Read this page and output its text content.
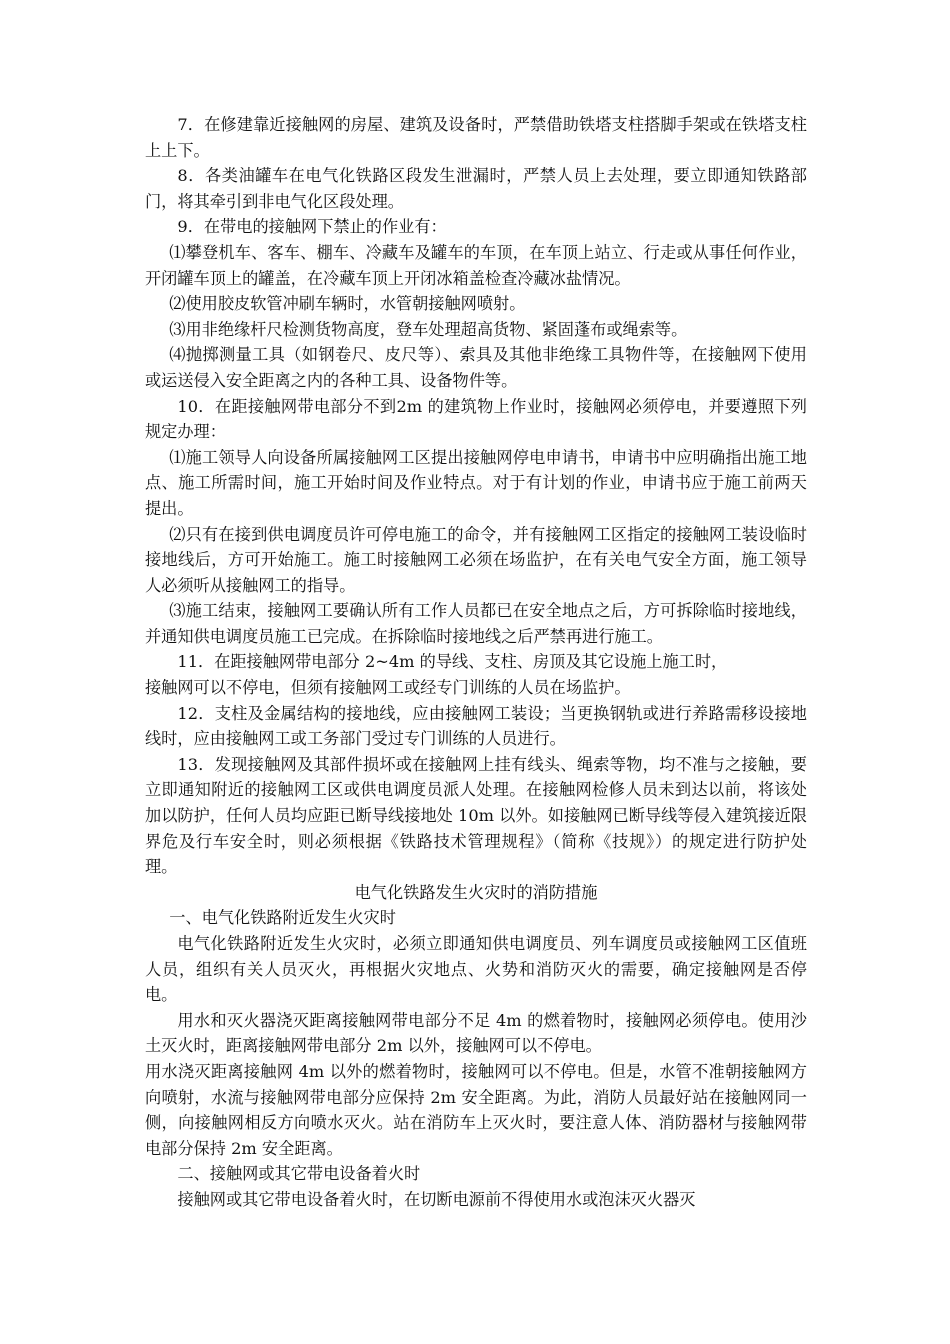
7．在修建靠近接触网的房屋、建筑及设备时，严禁借助铁塔支柱搭脚手架或在铁塔支柱上上下。

8．各类油罐车在电气化铁路区段发生泄漏时，严禁人员上去处理，要立即通知铁路部门，将其牵引到非电气化区段处理。

9．在带电的接触网下禁止的作业有：

⑴攀登机车、客车、棚车、冷藏车及罐车的车顶，在车顶上站立、行走或从事任何作业，开闭罐车顶上的罐盖，在冷藏车顶上开闭冰箱盖检查冷藏冰盐情况。

⑵使用胶皮软管冲刷车辆时，水管朝接触网喷射。

⑶用非绝缘杆尺检测货物高度，登车处理超高货物、紧固蓬布或绳索等。

⑷抛掷测量工具（如钢卷尺、皮尺等）、索具及其他非绝缘工具物件等，在接触网下使用或运送侵入安全距离之内的各种工具、设备物件等。

10．在距接触网带电部分不到2m 的建筑物上作业时，接触网必须停电，并要遵照下列规定办理：

⑴施工领导人向设备所属接触网工区提出接触网停电申请书，申请书中应明确指出施工地点、施工所需时间，施工开始时间及作业特点。对于有计划的作业，申请书应于施工前两天提出。

⑵只有在接到供电调度员许可停电施工的命令，并有接触网工区指定的接触网工装设临时接地线后，方可开始施工。施工时接触网工必须在场监护，在有关电气安全方面，施工领导人必须听从接触网工的指导。

⑶施工结束，接触网工要确认所有工作人员都已在安全地点之后，方可拆除临时接地线，并通知供电调度员施工已完成。在拆除临时接地线之后严禁再进行施工。

11．在距接触网带电部分 2~4m 的导线、支柱、房顶及其它设施上施工时，

接触网可以不停电，但须有接触网工或经专门训练的人员在场监护。

12．支柱及金属结构的接地线，应由接触网工装设；当更换钢轨或进行养路需移设接地线时，应由接触网工或工务部门受过专门训练的人员进行。

13．发现接触网及其部件损坏或在接触网上挂有线头、绳索等物，均不准与之接触，要立即通知附近的接触网工区或供电调度员派人处理。在接触网检修人员未到达以前，将该处加以防护，任何人员均应距已断导线接地处 10m 以外。如接触网已断导线等侵入建筑接近限界危及行车安全时，则必须根据《铁路技术管理规程》（简称《技规》）的规定进行防护处理。

电气化铁路发生火灾时的消防措施

一、电气化铁路附近发生火灾时

电气化铁路附近发生火灾时，必须立即通知供电调度员、列车调度员或接触网工区值班人员，组织有关人员灭火，再根据火灾地点、火势和消防灭火的需要，确定接触网是否停电。

用水和灭火器浇灭距离接触网带电部分不足 4m 的燃着物时，接触网必须停电。使用沙土灭火时，距离接触网带电部分 2m 以外，接触网可以不停电。

用水浇灭距离接触网 4m 以外的燃着物时，接触网可以不停电。但是，水管不准朝接触网方向喷射，水流与接触网带电部分应保持 2m 安全距离。为此，消防人员最好站在接触网同一侧，向接触网相反方向喷水灭火。站在消防车上灭火时，要注意人体、消防器材与接触网带电部分保持 2m 安全距离。

二、接触网或其它带电设备着火时

接触网或其它带电设备着火时，在切断电源前不得使用水或泡沫灭火器灭
